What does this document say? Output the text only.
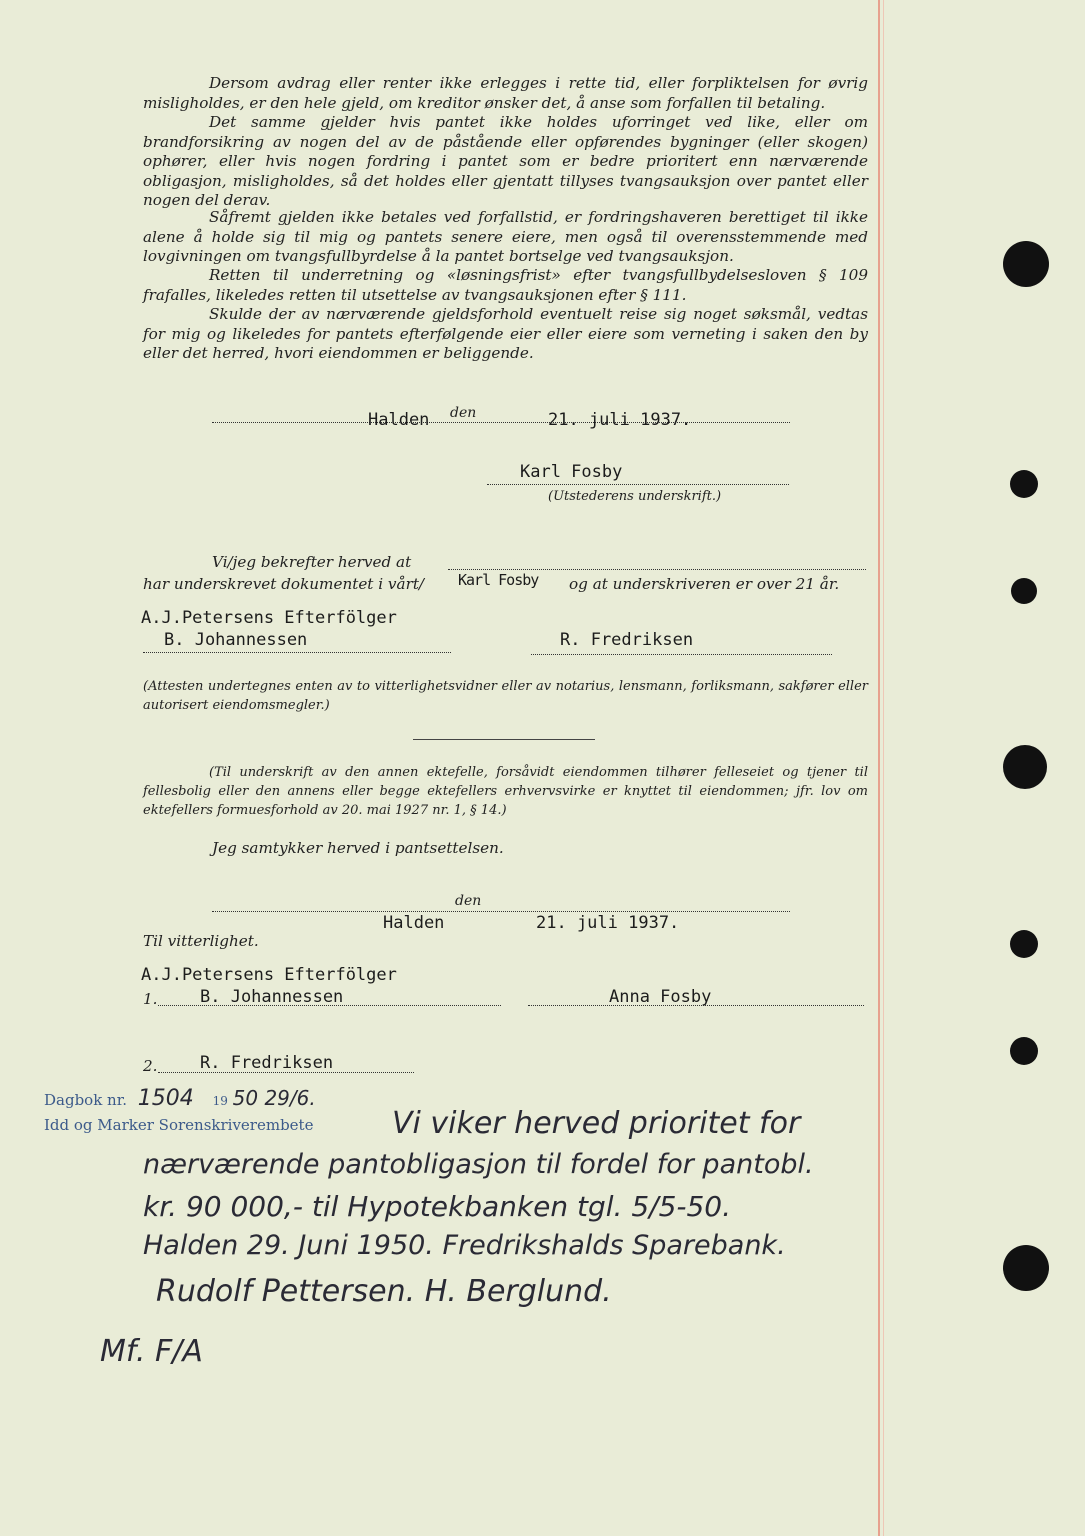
Dersom avdrag eller renter ikke erlegges i rette tid, eller forpliktelsen for øvrig misligholdes, er den hele gjeld, om kreditor ønsker det, å anse som forfallen til betaling.
Det samme gjelder hvis pantet ikke holdes uforringet ved like, eller om brandforsikring av nogen del av de påstående eller opførendes bygninger (eller skogen) ophører, eller hvis nogen fordring i pantet som er bedre prioritert enn nærværende obligasjon, misligholdes, så det holdes eller gjentatt tillyses tvangsauksjon over pantet eller nogen del derav.
Såfremt gjelden ikke betales ved forfallstid, er fordringshaveren berettiget til ikke alene å holde sig til mig og pantets senere eiere, men også til overensstemmende med lovgivningen om tvangsfullbyrdelse å la pantet bortselge ved tvangsauksjon.
Retten til underretning og «løsningsfrist» efter tvangsfullbydelsesloven § 109 frafalles, likeledes retten til utsettelse av tvangsauksjonen efter § 111.
Skulde der av nærværende gjeldsforhold eventuelt reise sig noget søksmål, vedtas for mig og likeledes for pantets efterfølgende eier eller eiere som verneting i saken den by eller det herred, hvori eiendommen er beliggende.
Halden den	21. juli 1937.
Karl Fosby
(Utstederens underskrift.)
Vi/jeg bekrefter herved at
har underskrevet dokumentet i vårt/ Karl Fosby og at underskriveren er over 21 år.
A.J.Petersens Efterfölger
B. Johannessen	R. Fredriksen
(Attesten undertegnes enten av to vitterlighetsvidner eller av notarius, lensmann, forliksmann, sakfører eller autorisert eiendomsmegler.)
(Til underskrift av den annen ektefelle, forsåvidt eiendommen tilhører felleseiet og tjener til fellesbolig eller den annens eller begge ektefellers erhvervsvirke er knyttet til eiendommen; jfr. lov om ektefellers formuesforhold av 20. mai 1927 nr. 1, § 14.)
Jeg samtykker herved i pantsettelsen.
den
Halden	21. juli 1937.
Til vitterlighet.
A.J.Petersens Efterfölger
1.	B. Johannessen	Anna Fosby
2.	R. Fredriksen
Dagbok nr. 1504 19 50 29/6.
Idd og Marker Sorenskriverembete	Vi viker herved prioritet for
nærværende pantobligasjon til fordel for pantobl.
kr. 90 000,- til Hypotekbanken tgl. 5/5-50.
Halden 29. Juni 1950. Fredrikshalds Sparebank.
Rudolf Pettersen. H. Berglund.
Mf. F/A
